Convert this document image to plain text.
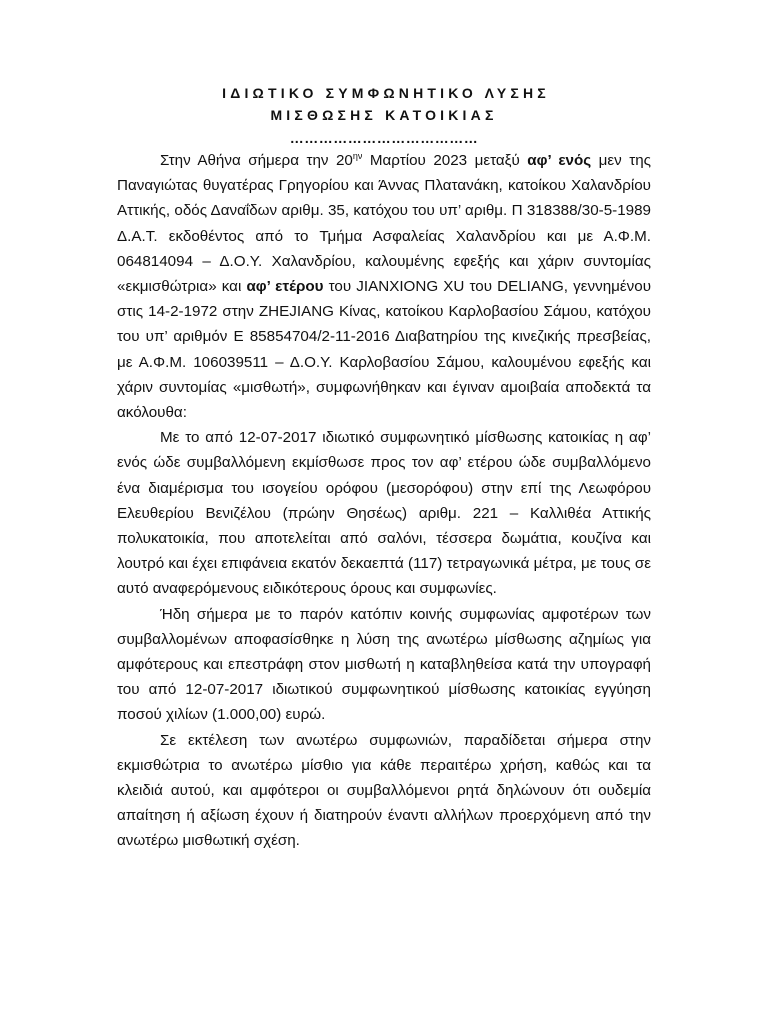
ΙΔΙΩΤΙΚΟ ΣΥΜΦΩΝΗΤΙΚΟ ΛΥΣΗΣ
ΜΙΣΘΩΣΗΣ ΚΑΤΟΙΚΙΑΣ
…………………………………

Στην Αθήνα σήμερα την $20^{\eta\nu}$ Μαρτίου 2023 μεταξύ αφ’ ενός μεν της Παναγιώτας θυγατέρας Γρηγορίου και Άννας Πλατανάκη, κατοίκου Χαλανδρίου Αττικής, οδός Δαναΐδων αριθμ. 35, κατόχου του υπ’ αριθμ. Π 318388/30-5-1989 Δ.Α.Τ. εκδοθέντος από το Τμήμα Ασφαλείας Χαλανδρίου και με Α.Φ.Μ. 064814094 – Δ.Ο.Υ. Χαλανδρίου, καλουμένης εφεξής και χάριν συντομίας «εκμισθώτρια» και αφ’ ετέρου του JIANXIONG XU του DELIANG, γεννημένου στις 14-2-1972 στην ZHEJIANG Κίνας, κατοίκου Καρλοβασίου Σάμου, κατόχου του υπ’ αριθμόν Ε 85854704/2-11-2016 Διαβατηρίου της κινεζικής πρεσβείας, με Α.Φ.Μ. 106039511 – Δ.Ο.Υ. Καρλοβασίου Σάμου, καλουμένου εφεξής και χάριν συντομίας «μισθωτή», συμφωνήθηκαν και έγιναν αμοιβαία αποδεκτά τα ακόλουθα:

Με το από 12-07-2017 ιδιωτικό συμφωνητικό μίσθωσης κατοικίας η αφ’ ενός ώδε συμβαλλόμενη εκμίσθωσε προς τον αφ’ ετέρου ώδε συμβαλλόμενο ένα διαμέρισμα του ισογείου ορόφου (μεσορόφου) στην επί της Λεωφόρου Ελευθερίου Βενιζέλου (πρώην Θησέως) αριθμ. 221 – Καλλιθέα Αττικής πολυκατοικία, που αποτελείται από σαλόνι, τέσσερα δωμάτια, κουζίνα και λουτρό και έχει επιφάνεια εκατόν δεκαεπτά (117) τετραγωνικά μέτρα, με τους σε αυτό αναφερόμενους ειδικότερους όρους και συμφωνίες.

Ήδη σήμερα με το παρόν κατόπιν κοινής συμφωνίας αμφοτέρων των συμβαλλομένων αποφασίσθηκε η λύση της ανωτέρω μίσθωσης αζημίως για αμφότερους και επεστράφη στον μισθωτή η καταβληθείσα κατά την υπογραφή του από 12-07-2017 ιδιωτικού συμφωνητικού μίσθωσης κατοικίας εγγύηση ποσού χιλίων (1.000,00) ευρώ.

Σε εκτέλεση των ανωτέρω συμφωνιών, παραδίδεται σήμερα στην εκμισθώτρια το ανωτέρω μίσθιο για κάθε περαιτέρω χρήση, καθώς και τα κλειδιά αυτού, και αμφότεροι οι συμβαλλόμενοι ρητά δηλώνουν ότι ουδεμία απαίτηση ή αξίωση έχουν ή διατηρούν έναντι αλλήλων προερχόμενη από την ανωτέρω μισθωτική σχέση.
